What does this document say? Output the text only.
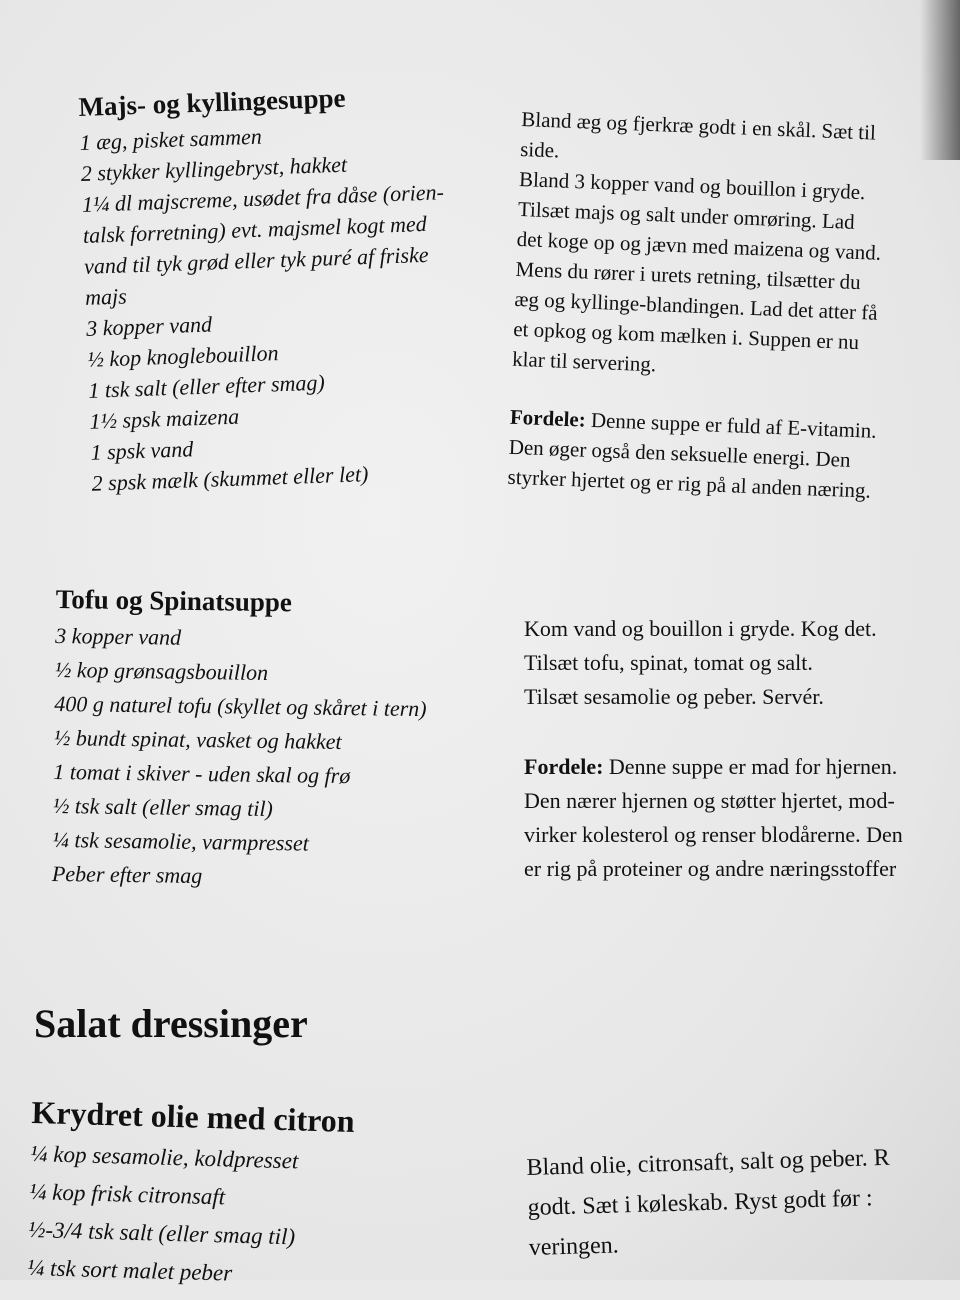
Majs- og kyllingesuppe
1 æg, pisket sammen
2 stykker kyllingebryst, hakket
1¼ dl majscreme, usødet fra dåse (orien-
talsk forretning) evt. majsmel kogt med
vand til tyk grød eller tyk puré af friske
majs
3 kopper vand
½ kop knoglebouillon
1 tsk salt (eller efter smag)
1½ spsk maizena
1 spsk vand
2 spsk mælk (skummet eller let)

Bland æg og fjerkræ godt i en skål. Sæt til

side.

Bland 3 kopper vand og bouillon i gryde.

Tilsæt majs og salt under omrøring. Lad

det koge op og jævn med maizena og vand.

Mens du rører i urets retning, tilsætter du

æg og kyllinge-blandingen. Lad det atter få

et opkog og kom mælken i. Suppen er nu

klar til servering.

Fordele: Denne suppe er fuld af E-vitamin.

Den øger også den seksuelle energi. Den

styrker hjertet og er rig på al anden næring.

Tofu og Spinatsuppe
3 kopper vand
½ kop grønsagsbouillon
400 g naturel tofu (skyllet og skåret i tern)
½ bundt spinat, vasket og hakket
1 tomat i skiver - uden skal og frø
½ tsk salt (eller smag til)
¼ tsk sesamolie, varmpresset
Peber efter smag

Kom vand og bouillon i gryde. Kog det.

Tilsæt tofu, spinat, tomat og salt.

Tilsæt sesamolie og peber. Servér.

Fordele: Denne suppe er mad for hjernen.

Den nærer hjernen og støtter hjertet, mod-

virker kolesterol og renser blodårerne. Den

er rig på proteiner og andre næringsstoffer

Salat dressinger
Krydret olie med citron
¼ kop sesamolie, koldpresset
¼ kop frisk citronsaft
½-3/4 tsk salt (eller smag til)
¼ tsk sort malet peber

Bland olie, citronsaft, salt og peber. R

godt. Sæt i køleskab. Ryst godt før :

veringen.
